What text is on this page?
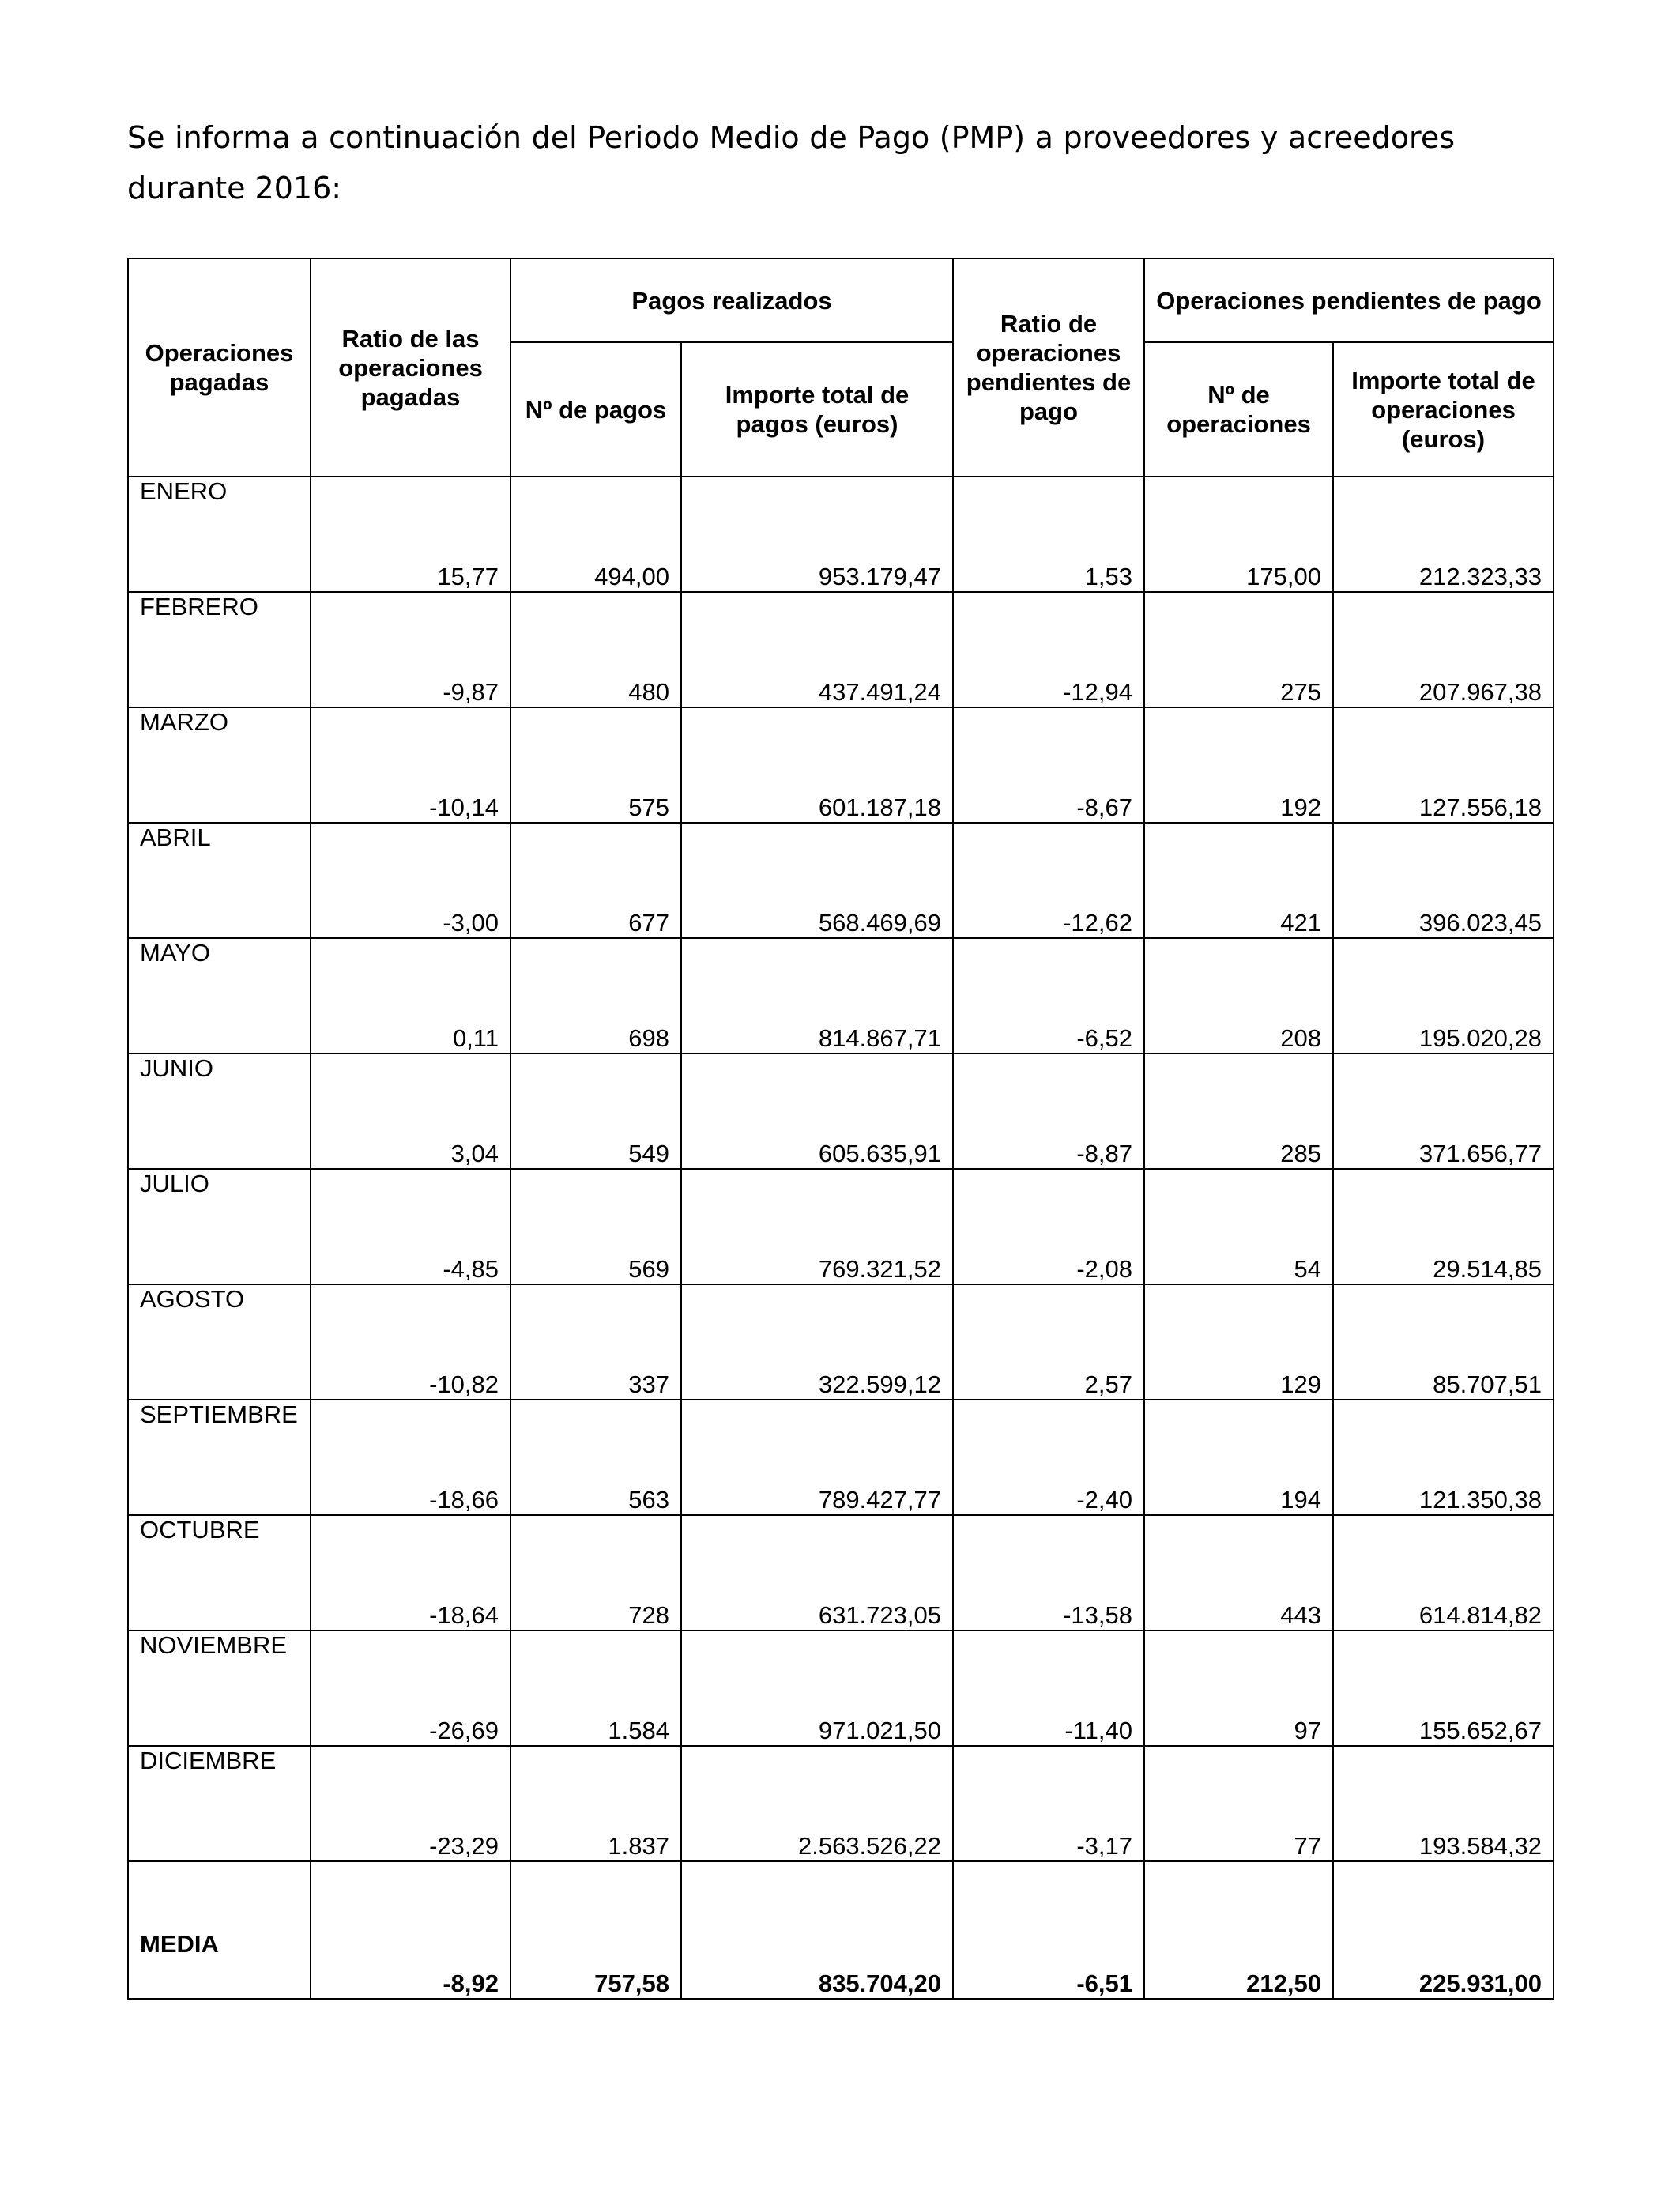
Se informa a continuación del Periodo Medio de Pago (PMP) a proveedores y acreedores durante 2016:

Operaciones pagadas	Ratio de las operaciones pagadas	Pagos realizados		Ratio de operaciones pendientes de pago	Operaciones pendientes de pago	
		Nº de pagos	Importe total de pagos (euros)		Nº de operaciones	Importe total de operaciones (euros)
ENERO	15,77	494,00	953.179,47	1,53	175,00	212.323,33
FEBRERO	-9,87	480	437.491,24	-12,94	275	207.967,38
MARZO	-10,14	575	601.187,18	-8,67	192	127.556,18
ABRIL	-3,00	677	568.469,69	-12,62	421	396.023,45
MAYO	0,11	698	814.867,71	-6,52	208	195.020,28
JUNIO	3,04	549	605.635,91	-8,87	285	371.656,77
JULIO	-4,85	569	769.321,52	-2,08	54	29.514,85
AGOSTO	-10,82	337	322.599,12	2,57	129	85.707,51
SEPTIEMBRE	-18,66	563	789.427,77	-2,40	194	121.350,38
OCTUBRE	-18,64	728	631.723,05	-13,58	443	614.814,82
NOVIEMBRE	-26,69	1.584	971.021,50	-11,40	97	155.652,67
DICIEMBRE	-23,29	1.837	2.563.526,22	-3,17	77	193.584,32
MEDIA	-8,92	757,58	835.704,20	-6,51	212,50	225.931,00
